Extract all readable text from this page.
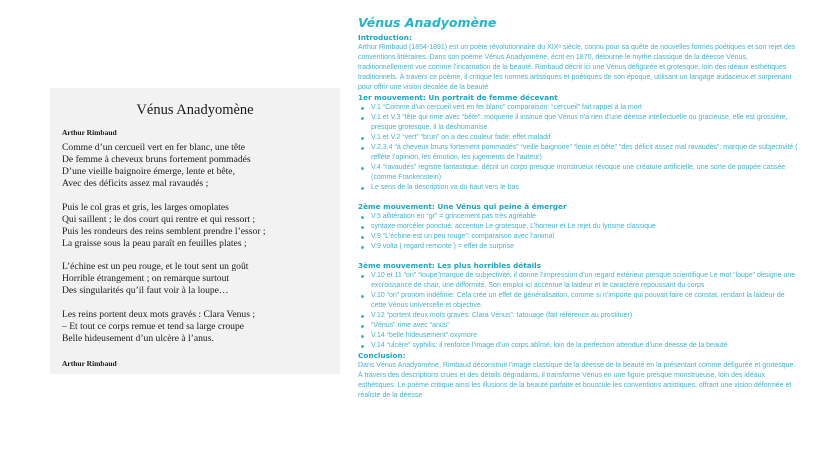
Vénus Anadyomène
Arthur Rimbaud
Comme d’un cercueil vert en fer blanc, une tête
De femme à cheveux bruns fortement pommadés
D’une vieille baignoire émerge, lente et bête,
Avec des déficits assez mal ravaudés ;
Puis le col gras et gris, les larges omoplates
Qui saillent ; le dos court qui rentre et qui ressort ;
Puis les rondeurs des reins semblent prendre l’essor ;
La graisse sous la peau paraît en feuilles plates ;
L’échine est un peu rouge, et le tout sent un goût
Horrible étrangement ; on remarque surtout
Des singularités qu’il faut voir à la loupe…
Les reins portent deux mots gravés : Clara Venus ;
– Et tout ce corps remue et tend sa large croupe
Belle hideusement d’un ulcère à l’anus.
Arthur Rimbaud
Vénus Anadyomène
Introduction:
Arthur Rimbaud (1854-1891) est un poète révolutionnaire du XIXᵉ siècle, connu pour sa quête de nouvelles formes poétiques et son rejet des conventions littéraires. Dans son poème Vénus Anadyomène, écrit en 1870, détourne le mythe classique de la déesse Vénus, traditionnellement vue comme l’incarnation de la beauté. Rimbaud décrit ici une Vénus défigurée et grotesque, loin des idéaux esthétiques traditionnels. À travers ce poème, il critique les normes artistiques et poétiques de son époque, utilisant un langage audacieux et surprenant pour offrir une vision décalée de la beauté
1er mouvement: Un portrait de femme décevant
V.1 “Comme d’un cercueil vert en fer blanc” comparaison: “cercueil” fait rappel à la mort
V.1 et V.3 “tête qui rime avec “bête”: moquerie il insinue que Vénus n’a rien d’une déesse intellectuelle ou gracieuse, elle est grossière, presque grotesque. il la déshumanise
V.1 et V.2 “vert” “brun” on a des couleur fade: effet maladif
V.2,3,4 “à cheveux bruns fortement pommadés” “veille baignoire” “lente et bête” “des déficit assez mal ravaudés”: marque de subjectivité ( reflète l’opinion, les émotion, les jugements de l’auteur)
V.4 “ravaudés” registre fantastique: décrit un corps presque monstrueux révoque une créature artificielle, une sorte de poupée cassée (comme Frankenstein)
Le sens de la description va du haut vers le bas
2ème mouvement: Une Vénus qui peine à émerger
V.5 allitération en “gr” = grincement pas très agréable
syntaxe morcéler ponctué: accentue Le grotesque, L’horreur et Le rejet du lyrisme classique
V.9 “L’échine est un peu rouge”: comparaison avec l’animal
V.9 volta ( regard remonte ) = effet de surprise
3ème mouvement: Les plus horribles détails
V.10 et 11 “on” “loupe”marque de subjectivité: il donne l’impression d’un regard extérieur presque scientifique Le mot “loupe” désigne une excroissance de chair, une difformité. Son emploi ici accentue la laideur et le caractère repoussant du corps
V.10 “on” pronom indéfinie: Cela crée un effet de généralisation, comme si n’importe qui pouvait faire ce constat, rendant la laideur de cette Vénus universelle et objective.
V.12 “portent deux mots gravés: Clara Vénus”: tatouage (fait référence au prostituer)
“Vénus” rime avec “anus”
V.14 “belle hideusement” oxymore
V.14 “ulcère” syphilis: il renforce l’image d’un corps abîmé, loin de la perfection attendue d’une déesse de la beauté
Conclusion:
Dans Vénus Anadyomène, Rimbaud déconstruit l’image classique de la déesse de la beauté en la présentant comme défigurée et grotesque. À travers des descriptions crues et des détails dégradants, il transforme Vénus en une figure presque monstrueuse, loin des idéaux esthétiques. Le poème critique ainsi les illusions de la beauté parfaite et bouscule les conventions artistiques, offrant une vision déformée et réaliste de la déesse
